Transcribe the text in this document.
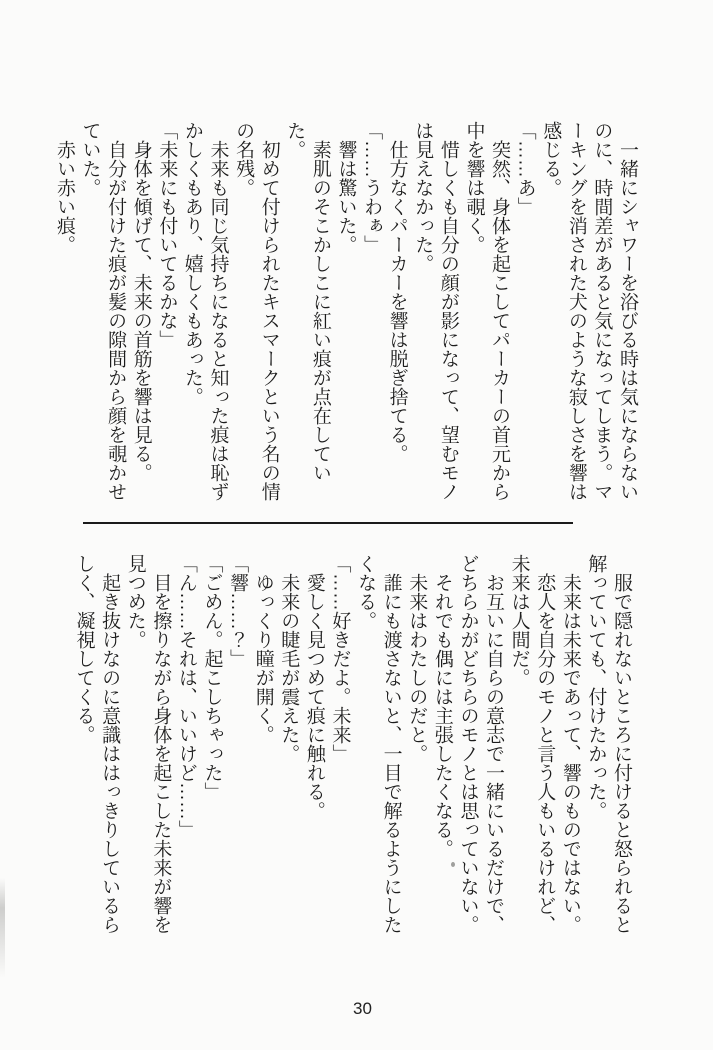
一緒にシャワーを浴びる時は気にならないのに、時間差があると気になってしまう。マーキングを消された犬のような寂しさを響は感じる。

「……あ」

突然、身体を起こしてパーカーの首元から中を響は覗く。

惜しくも自分の顔が影になって、望むモノは見えなかった。

仕方なくパーカーを響は脱ぎ捨てる。

「……うわぁ」

響は驚いた。

素肌のそこかしこに紅い痕が点在していた。

初めて付けられたキスマークという名の情の名残。

未来も同じ気持ちになると知った痕は恥ずかしくもあり、嬉しくもあった。

「未来にも付いてるかな」

身体を傾げて、未来の首筋を響は見る。

自分が付けた痕が髪の隙間から顔を覗かせていた。

赤い赤い痕。

服で隠れないところに付けると怒られると解っていても、付けたかった。

未来は未来であって、響のものではない。

恋人を自分のモノと言う人もいるけれど、未来は人間だ。

お互いに自らの意志で一緒にいるだけで、どちらかがどちらのモノとは思っていない。

それでも偶には主張したくなる。

未来はわたしのだと。

誰にも渡さないと、一目で解るようにしたくなる。

「……好きだよ。未来」

愛しく見つめて痕に触れる。

未来の睫毛が震えた。

ゆっくり瞳が開く。

「響……？」

「ごめん。起こしちゃった」

「ん……それは、いいけど……」

目を擦りながら身体を起こした未来が響を見つめた。

起き抜けなのに意識ははっきりしているらしく、凝視してくる。

30
